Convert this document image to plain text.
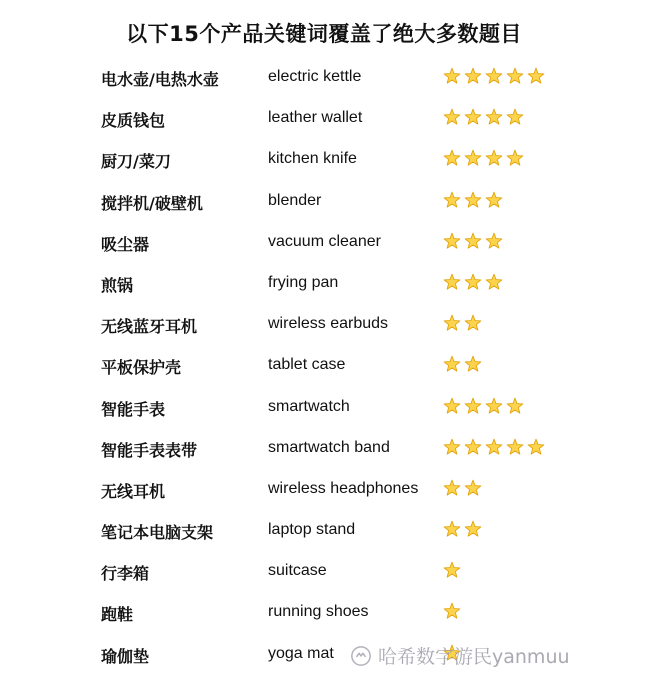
以下15个产品关键词覆盖了绝大多数题目
电水壶/电热水壶	electric kettle
皮质钱包	leather wallet
厨刀/菜刀	kitchen knife
搅拌机/破壁机	blender
吸尘器	vacuum cleaner
煎锅	frying pan
无线蓝牙耳机	wireless earbuds
平板保护壳	tablet case
智能手表	smartwatch
智能手表表带	smartwatch band
无线耳机	wireless headphones
笔记本电脑支架	laptop stand
行李箱	suitcase
跑鞋	running shoes
瑜伽垫	yoga mat 哈希数字游民yanmuu
